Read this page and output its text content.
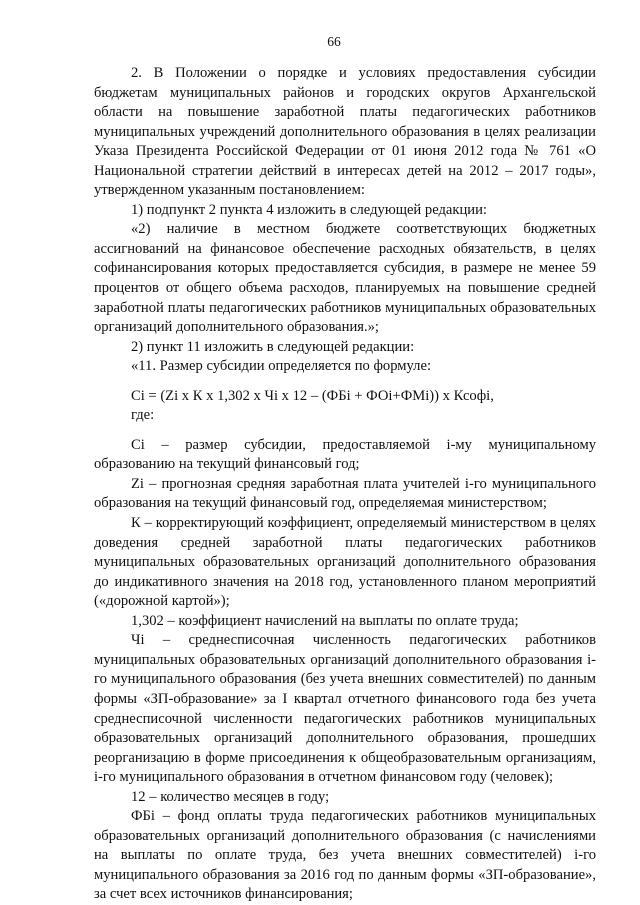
66

2. В Положении о порядке и условиях предоставления субсидии бюджетам муниципальных районов и городских округов Архангельской области на повышение заработной платы педагогических работников муниципальных учреждений дополнительного образования в целях реализации Указа Президента Российской Федерации от 01 июня 2012 года № 761 «О Национальной стратегии действий в интересах детей на 2012 – 2017 годы», утвержденном указанным постановлением:

1) подпункт 2 пункта 4 изложить в следующей редакции:

«2) наличие в местном бюджете соответствующих бюджетных ассигнований на финансовое обеспечение расходных обязательств, в целях софинансирования которых предоставляется субсидия, в размере не менее 59 процентов от общего объема расходов, планируемых на повышение средней заработной платы педагогических работников муниципальных образовательных организаций дополнительного образования.»;

2) пункт 11 изложить в следующей редакции:

«11. Размер субсидии определяется по формуле:

Сi = (Zi х К х 1,302 х Чi х 12 – (ФБi + ФОi+ФМi)) х Ксофi,

где:

Сi – размер субсидии, предоставляемой i-му муниципальному образованию на текущий финансовый год;

Zi – прогнозная средняя заработная плата учителей i-го муниципального образования на текущий финансовый год, определяемая министерством;

К – корректирующий коэффициент, определяемый министерством в целях доведения средней заработной платы педагогических работников муниципальных образовательных организаций дополнительного образования до индикативного значения на 2018 год, установленного планом мероприятий («дорожной картой»);

1,302 – коэффициент начислений на выплаты по оплате труда;

Чi – среднесписочная численность педагогических работников муниципальных образовательных организаций дополнительного образования i-го муниципального образования (без учета внешних совместителей) по данным формы «ЗП-образование» за I квартал отчетного финансового года без учета среднесписочной численности педагогических работников муниципальных образовательных организаций дополнительного образования, прошедших реорганизацию в форме присоединения к общеобразовательным организациям, i-го муниципального образования в отчетном финансовом году (человек);

12 – количество месяцев в году;

ФБi – фонд оплаты труда педагогических работников муниципальных образовательных организаций дополнительного образования (с начислениями на выплаты по оплате труда, без учета внешних совместителей) i-го муниципального образования за 2016 год по данным формы «ЗП-образование», за счет всех источников финансирования;
